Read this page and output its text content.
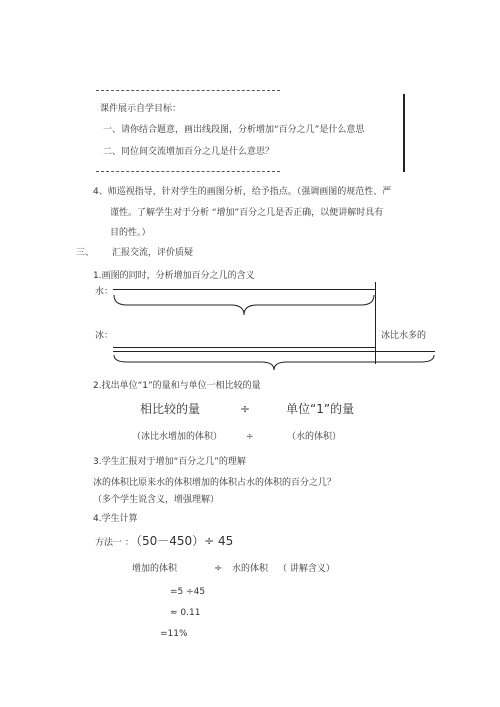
课件展示自学目标：
一、请你结合题意，画出线段图，分析增加“百分之几”是什么意思
二、同位间交流增加百分之几是什么意思？
4、师巡视指导，针对学生的画图分析，给予指点。（强调画图的规范性、严
谨性。了解学生对于分析 “增加”百分之几是否正确，以便讲解时具有
目的性。）
三、 汇报交流，评价质疑
1.画图的同时，分析增加百分之几的含义
水：
冰比水多的
冰：
2.找出单位“1”的量和与单位一相比较的量
相比较的量	÷	单位“1”的量
（冰比水增加的体积）	÷	（水的体积）
3.学生汇报对于增加“百分之几”的理解
冰的体积比原来水的体积增加的体积占水的体积的百分之几？
（多个学生说含义，增强理解）
4.学生计算
方法一 ：
（50－450）÷ 45
增加的体积	÷ 水的体积 （ 讲解含义）
=5 ÷45
≈ 0.11
=11%
